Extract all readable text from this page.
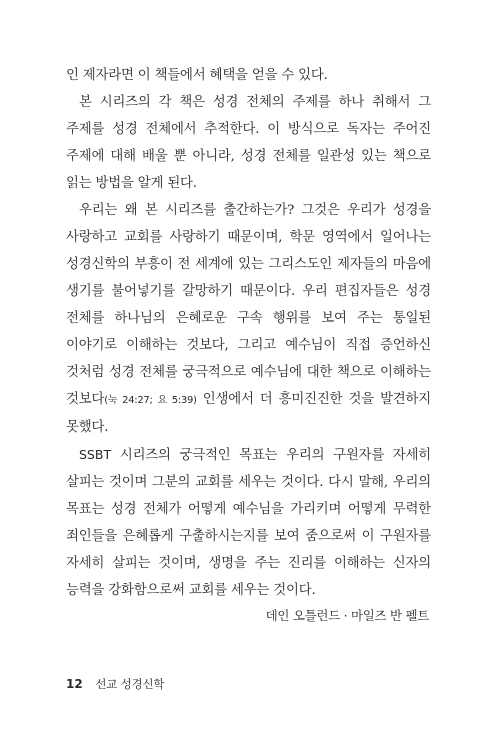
인 제자라면 이 책들에서 혜택을 얻을 수 있다.

본 시리즈의 각 책은 성경 전체의 주제를 하나 취해서 그 주제를 성경 전체에서 추적한다. 이 방식으로 독자는 주어진 주제에 대해 배울 뿐 아니라, 성경 전체를 일관성 있는 책으로 읽는 방법을 알게 된다.

우리는 왜 본 시리즈를 출간하는가? 그것은 우리가 성경을 사랑하고 교회를 사랑하기 때문이며, 학문 영역에서 일어나는 성경신학의 부흥이 전 세계에 있는 그리스도인 제자들의 마음에 생기를 불어넣기를 갈망하기 때문이다. 우리 편집자들은 성경 전체를 하나님의 은혜로운 구속 행위를 보여 주는 통일된 이야기로 이해하는 것보다, 그리고 예수님이 직접 증언하신 것처럼 성경 전체를 궁극적으로 예수님에 대한 책으로 이해하는 것보다(눅 24:27; 요 5:39) 인생에서 더 흥미진진한 것을 발견하지 못했다.

SSBT 시리즈의 궁극적인 목표는 우리의 구원자를 자세히 살피는 것이며 그분의 교회를 세우는 것이다. 다시 말해, 우리의 목표는 성경 전체가 어떻게 예수님을 가리키며 어떻게 무력한 죄인들을 은혜롭게 구출하시는지를 보여 줌으로써 이 구원자를 자세히 살피는 것이며, 생명을 주는 진리를 이해하는 신자의 능력을 강화함으로써 교회를 세우는 것이다.

데인 오틀런드 · 마일즈 반 펠트

12 선교 성경신학
